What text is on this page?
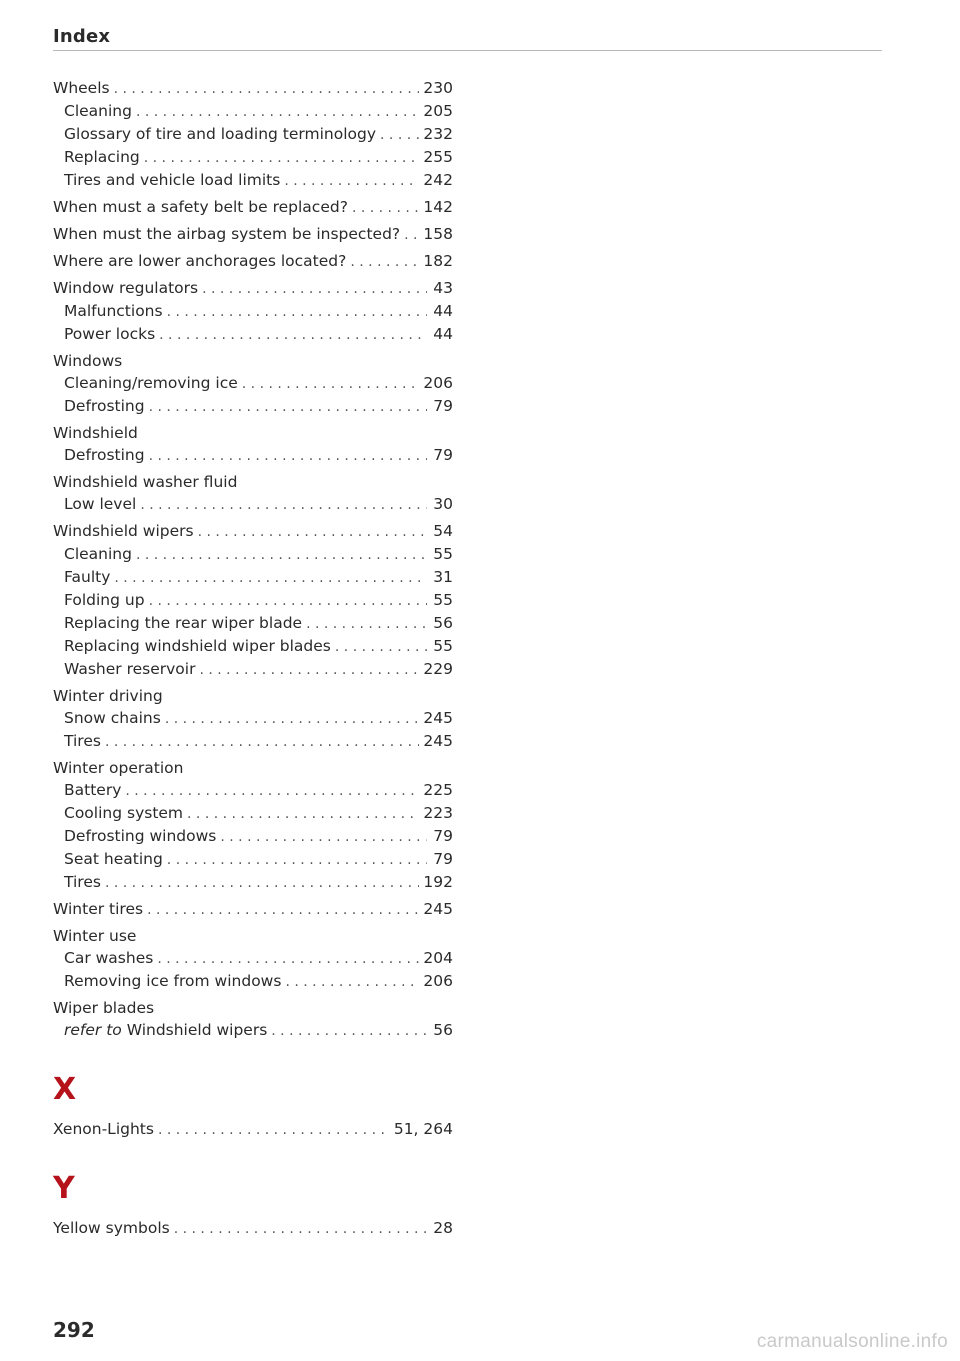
Index
Wheels . . .	230
Cleaning . . .	205
Glossary of tire and loading terminology . . .	232
Replacing . . .	255
Tires and vehicle load limits . . .	242
When must a safety belt be replaced? . . .	142
When must the airbag system be inspected? . . . 158
Where are lower anchorages located? . . .	182
Window regulators . . .	43
Malfunctions . . .	44
Power locks . . .	44
Windows
Cleaning/removing ice . . .	206
Defrosting . . .	79
Windshield
Defrosting . . .	79
Windshield washer fluid
Low level . . .	30
Windshield wipers . . .	54
Cleaning . . .	55
Faulty . . .	31
Folding up . . .	55
Replacing the rear wiper blade . . .	56
Replacing windshield wiper blades . . .	55
Washer reservoir . . .	229
Winter driving
Snow chains . . .	245
Tires . . .	245
Winter operation
Battery . . .	225
Cooling system . . .	223
Defrosting windows . . .	79
Seat heating . . .	79
Tires . . .	192
Winter tires . . .	245
Winter use
Car washes . . .	204
Removing ice from windows . . .	206
Wiper blades
refer to Windshield wipers . . .	56
X
Xenon-Lights . . .	51, 264
Y
Yellow symbols . . .	28
292	carmanualsonline.info
